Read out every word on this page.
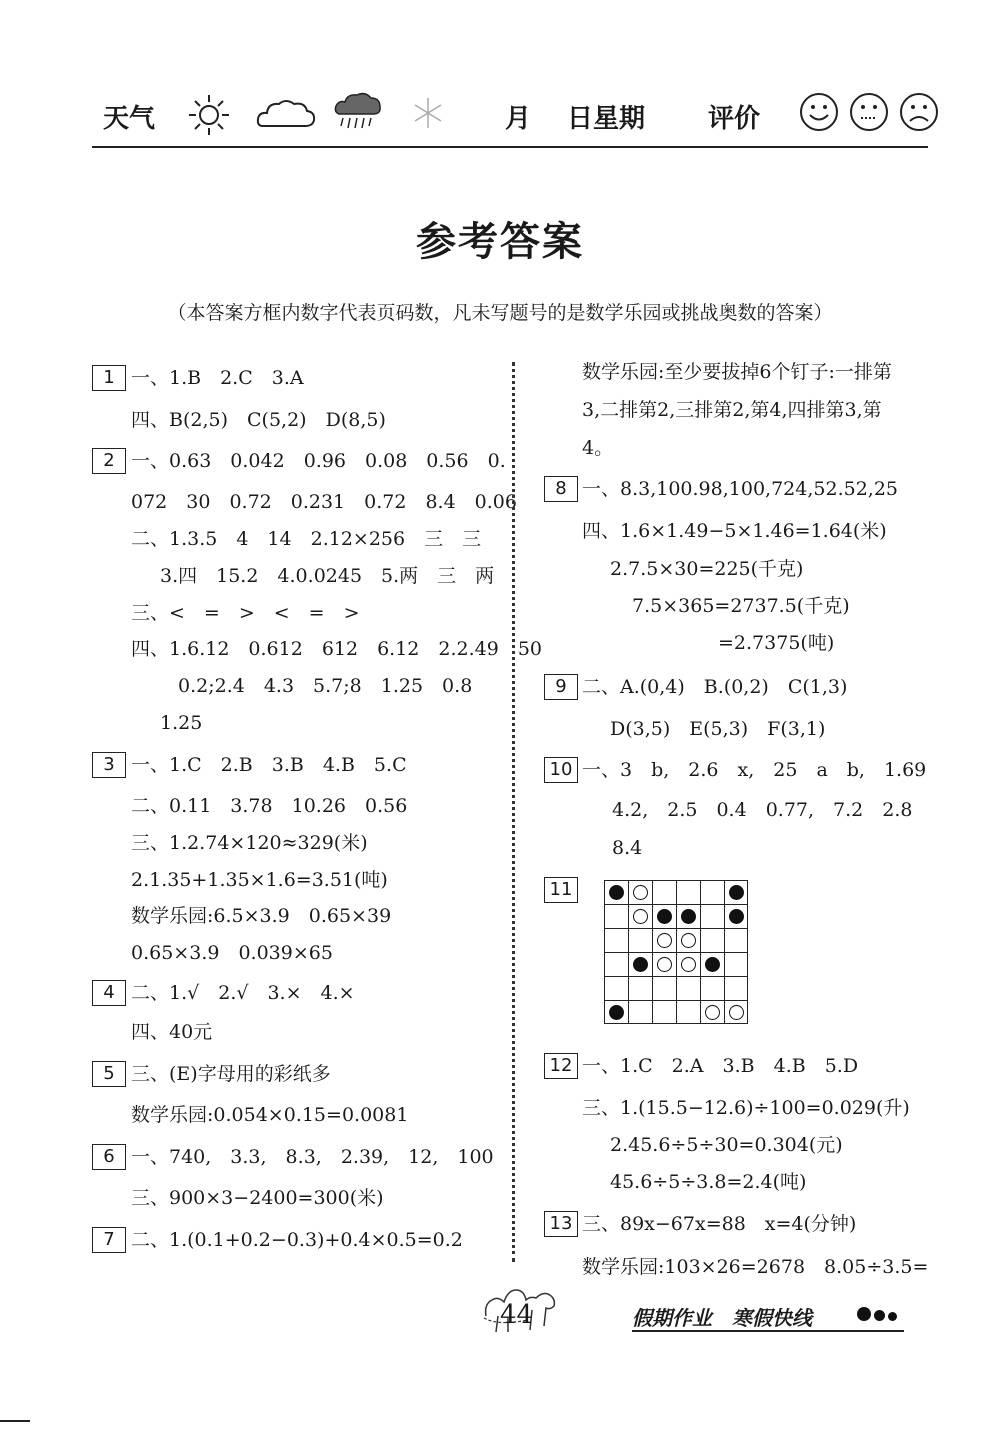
天气	月 日星期 评价
参考答案
（本答案方框内数字代表页码数，凡未写题号的是数学乐园或挑战奥数的答案）
1 一、1.B　2.C　3.A
四、B(2,5)　C(5,2)　D(8,5)
2 一、0.63　0.042　0.96　0.08　0.56　0.
072　30　0.72　0.231　0.72　8.4　0.06
二、1.3.5　4　14　2.12×256　三　三
3.四　15.2　4.0.0245　5.两　三　两
三、<　=　>　<　=　>
四、1.6.12　0.612　612　6.12　2.2.49　50
0.2;2.4　4.3　5.7;8　1.25　0.8
1.25
3 一、1.C　2.B　3.B　4.B　5.C
二、0.11　3.78　10.26　0.56
三、1.2.74×120≈329(米)
2.1.35+1.35×1.6=3.51(吨)
数学乐园:6.5×3.9　0.65×39
0.65×3.9　0.039×65
4 二、1.√　2.√　3.×　4.×
四、40元
5 三、(E)字母用的彩纸多
数学乐园:0.054×0.15=0.0081
6 一、740,　3.3,　8.3,　2.39,　12,　100
三、900×3−2400=300(米)
7 二、1.(0.1+0.2−0.3)+0.4×0.5=0.2
数学乐园:至少要拔掉6个钉子:一排第
3,二排第2,三排第2,第4,四排第3,第
4。
8 一、8.3,100.98,100,724,52.52,25
四、1.6×1.49−5×1.46=1.64(米)
2.7.5×30=225(千克)
7.5×365=2737.5(千克)
=2.7375(吨)
9 二、A.(0,4)　B.(0,2)　C(1,3)
D(3,5)　E(5,3)　F(3,1)
10 一、3　b,　2.6　x,　25　a　b,　1.69
4.2,　2.5　0.4　0.77,　7.2　2.8
8.4
11
12 一、1.C　2.A　3.B　4.B　5.D
三、1.(15.5−12.6)÷100=0.029(升)
2.45.6÷5÷30=0.304(元)
45.6÷5÷3.8=2.4(吨)
13 三、89x−67x=88　x=4(分钟)
数学乐园:103×26=2678　8.05÷3.5=
44	假期作业　寒假快线
